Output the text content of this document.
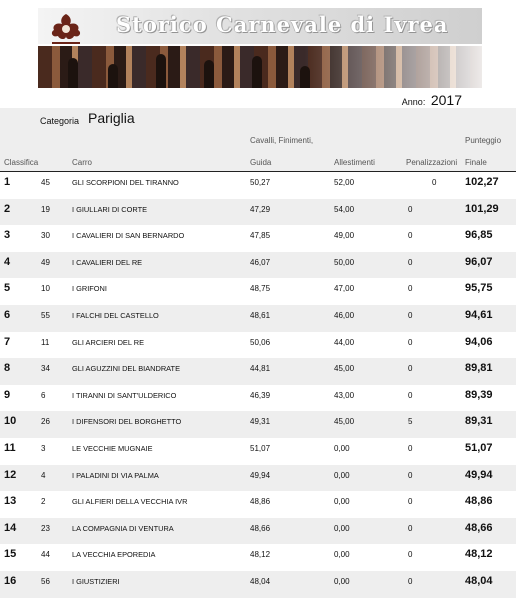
Storico Carnevale di Ivrea
Anno: 2017
Categoria Pariglia
Cavalli, Finimenti,	Punteggio
Classifica	Carro	Guida	Allestimenti	Penalizzazioni Finale
1	45	GLI SCORPIONI DEL TIRANNO	50,27	52,00	0	102,27
2	19	I GIULLARI DI CORTE	47,29	54,00	0	101,29
3	30	I CAVALIERI DI SAN BERNARDO	47,85	49,00	0	96,85
4	49	I CAVALIERI DEL RE	46,07	50,00	0	96,07
5	10	I GRIFONI	48,75	47,00	0	95,75
6	55	I FALCHI DEL CASTELLO	48,61	46,00	0	94,61
7	11	GLI ARCIERI DEL RE	50,06	44,00	0	94,06
8	34	GLI AGUZZINI DEL BIANDRATE	44,81	45,00	0	89,81
9	6	I TIRANNI DI SANT'ULDERICO	46,39	43,00	0	89,39
10	26	I DIFENSORI DEL BORGHETTO	49,31	45,00	5	89,31
11	3	LE VECCHIE MUGNAIE	51,07	0,00	0	51,07
12	4	I PALADINI DI VIA PALMA	49,94	0,00	0	49,94
13	2	GLI ALFIERI DELLA VECCHIA IVR	48,86	0,00	0	48,86
14	23	LA COMPAGNIA DI VENTURA	48,66	0,00	0	48,66
15	44	LA VECCHIA EPOREDIA	48,12	0,00	0	48,12
16	56	I GIUSTIZIERI	48,04	0,00	0	48,04
